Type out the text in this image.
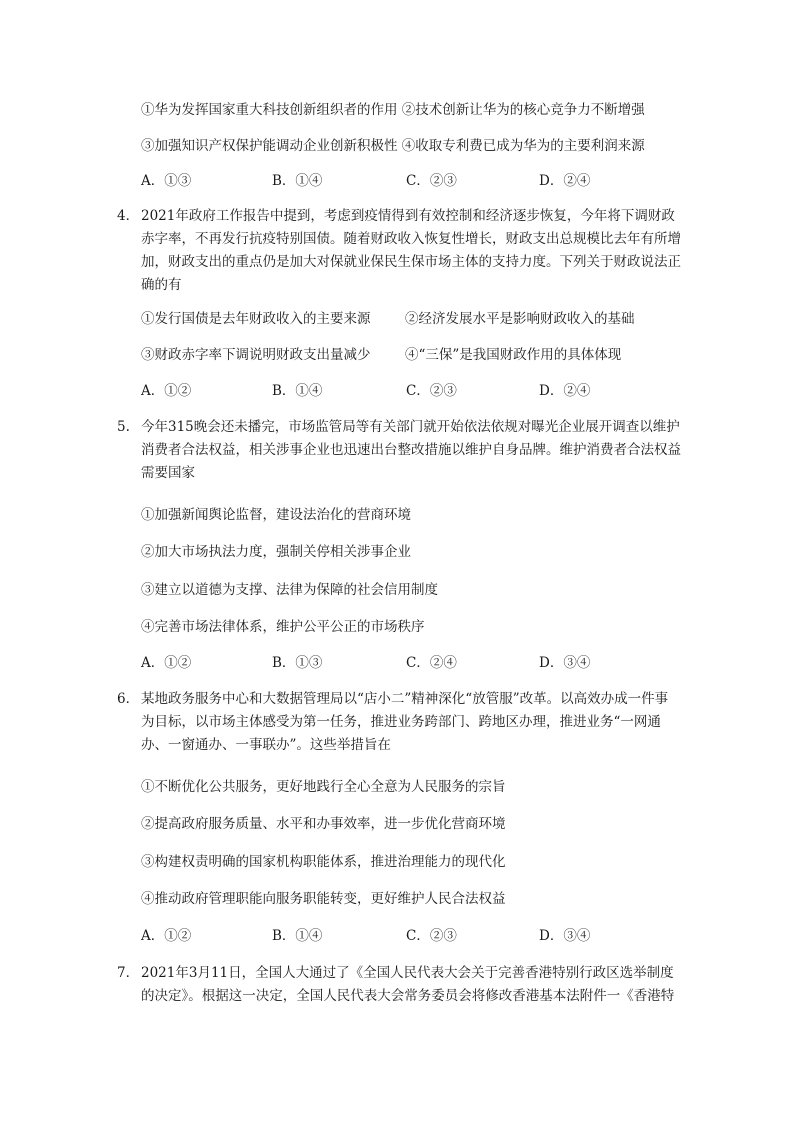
①华为发挥国家重大科技创新组织者的作用 ②技术创新让华为的核心竞争力不断增强
③加强知识产权保护能调动企业创新积极性 ④收取专利费已成为华为的主要利润来源
A．①③	B．①④	C．②③	D．②④
4． 2021年政府工作报告中提到，考虑到疫情得到有效控制和经济逐步恢复，今年将下调财政赤字率，不再发行抗疫特别国债。随着财政收入恢复性增长，财政支出总规模比去年有所增加，财政支出的重点仍是加大对保就业保民生保市场主体的支持力度。下列关于财政说法正确的有
①发行国债是去年财政收入的主要来源	②经济发展水平是影响财政收入的基础
③财政赤字率下调说明财政支出量减少	④“三保”是我国财政作用的具体体现
A．①②	B．①④	C．②③	D．②④
5. 今年315晚会还未播完，市场监管局等有关部门就开始依法依规对曝光企业展开调查以维护消费者合法权益，相关涉事企业也迅速出台整改措施以维护自身品牌。维护消费者合法权益需要国家
①加强新闻舆论监督，建设法治化的营商环境
②加大市场执法力度，强制关停相关涉事企业
③建立以道德为支撑、法律为保障的社会信用制度
④完善市场法律体系，维护公平公正的市场秩序
A．①②	B．①③	C．②④	D．③④
6． 某地政务服务中心和大数据管理局以“店小二”精神深化“放管服”改革。以高效办成一件事为目标，以市场主体感受为第一任务，推进业务跨部门、跨地区办理，推进业务“一网通办、一窗通办、一事联办”。这些举措旨在
①不断优化公共服务，更好地践行全心全意为人民服务的宗旨
②提高政府服务质量、水平和办事效率，进一步优化营商环境
③构建权责明确的国家机构职能体系，推进治理能力的现代化
④推动政府管理职能向服务职能转变，更好维护人民合法权益
A．①②	B．①④	C．②③	D．③④
7． 2021年3月11日，全国人大通过了《全国人民代表大会关于完善香港特别行政区选举制度的决定》。根据这一决定，全国人民代表大会常务委员会将修改香港基本法附件一《香港特
